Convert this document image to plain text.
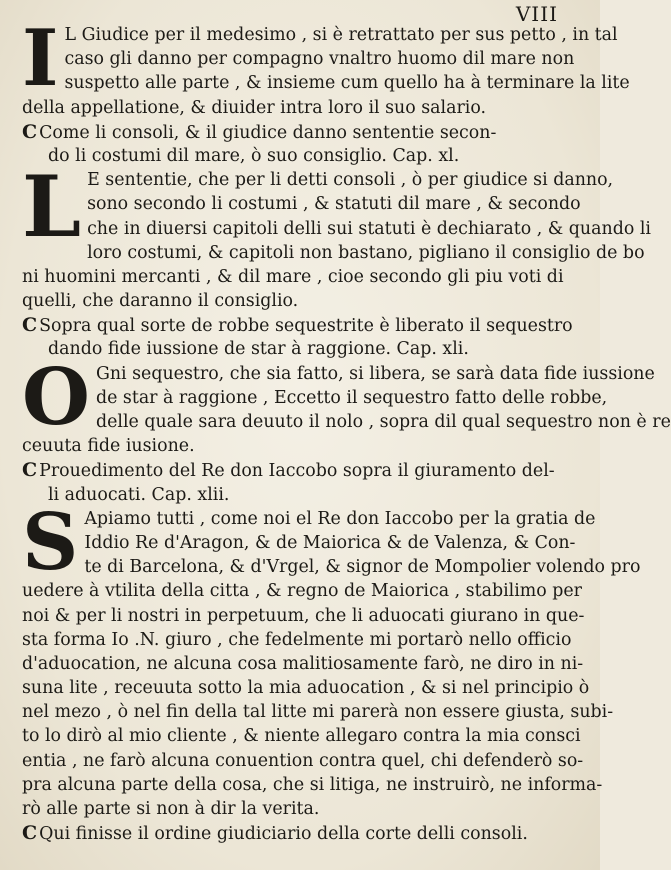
VIII
I L Giudice per il medesimo , si è retrattato per sus petto , in tal
caso gli danno per compagno vnaltro huomo dil mare non
suspetto alle parte , & insieme cum quello ha à terminare la lite
della appellatione, & diuider intra loro il suo salario.
C Come li consoli, & il giudice danno sententie secon-
do li costumi dil mare, ò suo consiglio. Cap. xl.
L E sententie, che per li detti consoli , ò per giudice si danno,
sono secondo li costumi , & statuti dil mare , & secondo
che in diuersi capitoli delli sui statuti è dechiarato , & quando li
loro costumi, & capitoli non bastano, pigliano il consiglio de bo
ni huomini mercanti , & dil mare , cioe secondo gli piu voti di
quelli, che daranno il consiglio.
C Sopra qual sorte de robbe sequestrite è liberato il sequestro
dando fide iussione de star à raggione. Cap. xli.
O Gni sequestro, che sia fatto, si libera, se sarà data fide iussione
de star à raggione , Eccetto il sequestro fatto delle robbe,
delle quale sara deuuto il nolo , sopra dil qual sequestro non è re
ceuuta fide iusione.
C Prouedimento del Re don Iaccobo sopra il giuramento del-
li aduocati. Cap. xlii.
S Apiamo tutti , come noi el Re don Iaccobo per la gratia de
Iddio Re d'Aragon, & de Maiorica & de Valenza, & Con-
te di Barcelona, & d'Vrgel, & signor de Mompolier volendo pro
uedere à vtilita della citta , & regno de Maiorica , stabilimo per
noi & per li nostri in perpetuum, che li aduocati giurano in que-
sta forma Io .N. giuro , che fedelmente mi portarò nello officio
d'aduocation, ne alcuna cosa malitiosamente farò, ne diro in ni-
suna lite , receuuta sotto la mia aduocation , & si nel principio ò
nel mezo , ò nel fin della tal litte mi parerà non essere giusta, subi-
to lo dirò al mio cliente , & niente allegaro contra la mia consci
entia , ne farò alcuna conuention contra quel, chi defenderò so-
pra alcuna parte della cosa, che si litiga, ne instruirò, ne informa-
rò alle parte si non à dir la verita.
C Qui finisse il ordine giudiciario della corte delli consoli.
